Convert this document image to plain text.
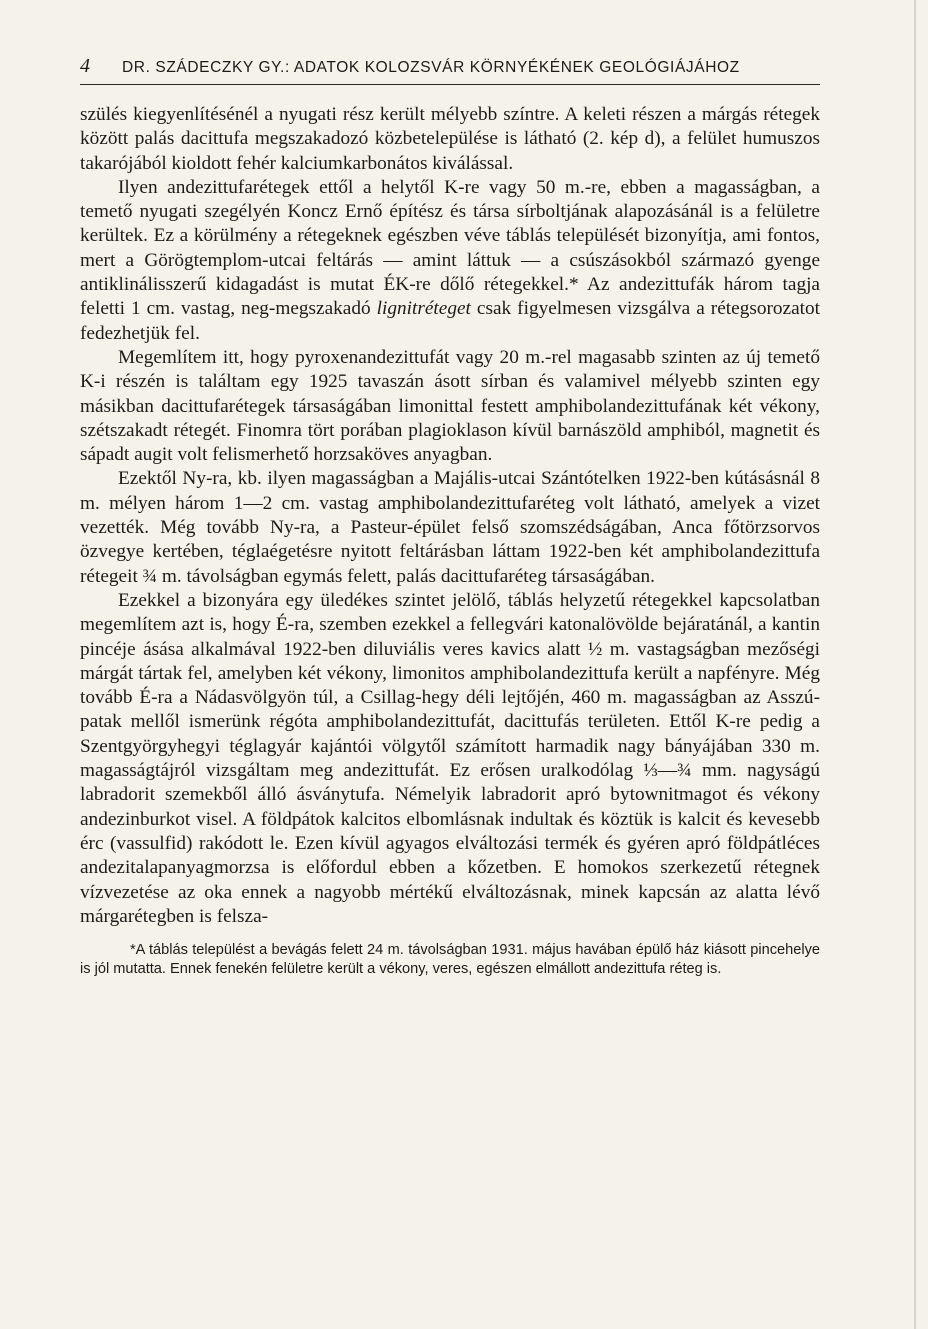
4	DR. SZÁDECZKY GY.: ADATOK KOLOZSVÁR KÖRNYÉKÉNEK GEOLÓGIÁJÁHOZ

szülés kiegyenlítésénél a nyugati rész került mélyebb színtre. A keleti részen a márgás rétegek között palás dacittufa megszakadozó közbetelepülése is látható (2. kép d), a felület humuszos takarójából kioldott fehér kalciumkarbonátos kiválással.

Ilyen andezittufarétegek ettől a helytől K-re vagy 50 m.-re, ebben a magasságban, a temető nyugati szegélyén Koncz Ernő építész és társa sírboltjának alapozásánál is a felületre kerültek. Ez a körülmény a rétegeknek egészben véve táblás települését bizonyítja, ami fontos, mert a Görögtemplom-utcai feltárás — amint láttuk — a csúszásokból származó gyenge antiklinálisszerű kidagadást is mutat ÉK-re dőlő rétegekkel.* Az andezittufák három tagja feletti 1 cm. vastag, neg-megszakadó lignitréteget csak figyelmesen vizsgálva a rétegsorozatot fedezhetjük fel.

Megemlítem itt, hogy pyroxenandezittufát vagy 20 m.-rel magasabb szinten az új temető K-i részén is találtam egy 1925 tavaszán ásott sírban és valamivel mélyebb szinten egy másikban dacittufarétegek társaságában limonittal festett amphibolandezittufának két vékony, szétszakadt rétegét. Finomra tört porában plagioklason kívül barnászöld amphiból, magnetit és sápadt augit volt felismerhető horzsaköves anyagban.

Ezektől Ny-ra, kb. ilyen magasságban a Majális-utcai Szántótelken 1922-ben kútásásnál 8 m. mélyen három 1—2 cm. vastag amphibolandezittufaréteg volt látható, amelyek a vizet vezették. Még tovább Ny-ra, a Pasteur-épület felső szomszédságában, Anca főtörzsorvos özvegye kertében, téglaégetésre nyitott feltárásban láttam 1922-ben két amphibolandezittufa rétegeit ¾ m. távolságban egymás felett, palás dacittufaréteg társaságában.

Ezekkel a bizonyára egy üledékes szintet jelölő, táblás helyzetű rétegekkel kapcsolatban megemlítem azt is, hogy É-ra, szemben ezekkel a fellegvári katonalövölde bejáratánál, a kantin pincéje ásása alkalmával 1922-ben diluviális veres kavics alatt ½ m. vastagságban mezőségi márgát tártak fel, amelyben két vékony, limonitos amphibolandezittufa került a napfényre. Még tovább É-ra a Nádasvölgyön túl, a Csillag-hegy déli lejtőjén, 460 m. magasságban az Asszú-patak mellől ismerünk régóta amphibolandezittufát, dacittufás területen. Ettől K-re pedig a Szentgyörgyhegyi téglagyár kajántói völgytől számított harmadik nagy bányájában 330 m. magasságtájról vizsgáltam meg andezittufát. Ez erősen uralkodólag ⅓—¾ mm. nagyságú labradorit szemekből álló ásványtufa. Némelyik labradorit apró bytownitmagot és vékony andezinburkot visel. A földpátok kalcitos elbomlásnak indultak és köztük is kalcit és kevesebb érc (vassulfid) rakódott le. Ezen kívül agyagos elváltozási termék és gyéren apró földpátléces andezitalapanyagmorzsa is előfordul ebben a kőzetben. E homokos szerkezetű rétegnek vízvezetése az oka ennek a nagyobb mértékű elváltozásnak, minek kapcsán az alatta lévő márgarétegben is felsza-

*A táblás települést a bevágás felett 24 m. távolságban 1931. május havában épülő ház kiásott pincehelye is jól mutatta. Ennek fenekén felületre került a vékony, veres, egészen elmállott andezittufa réteg is.
